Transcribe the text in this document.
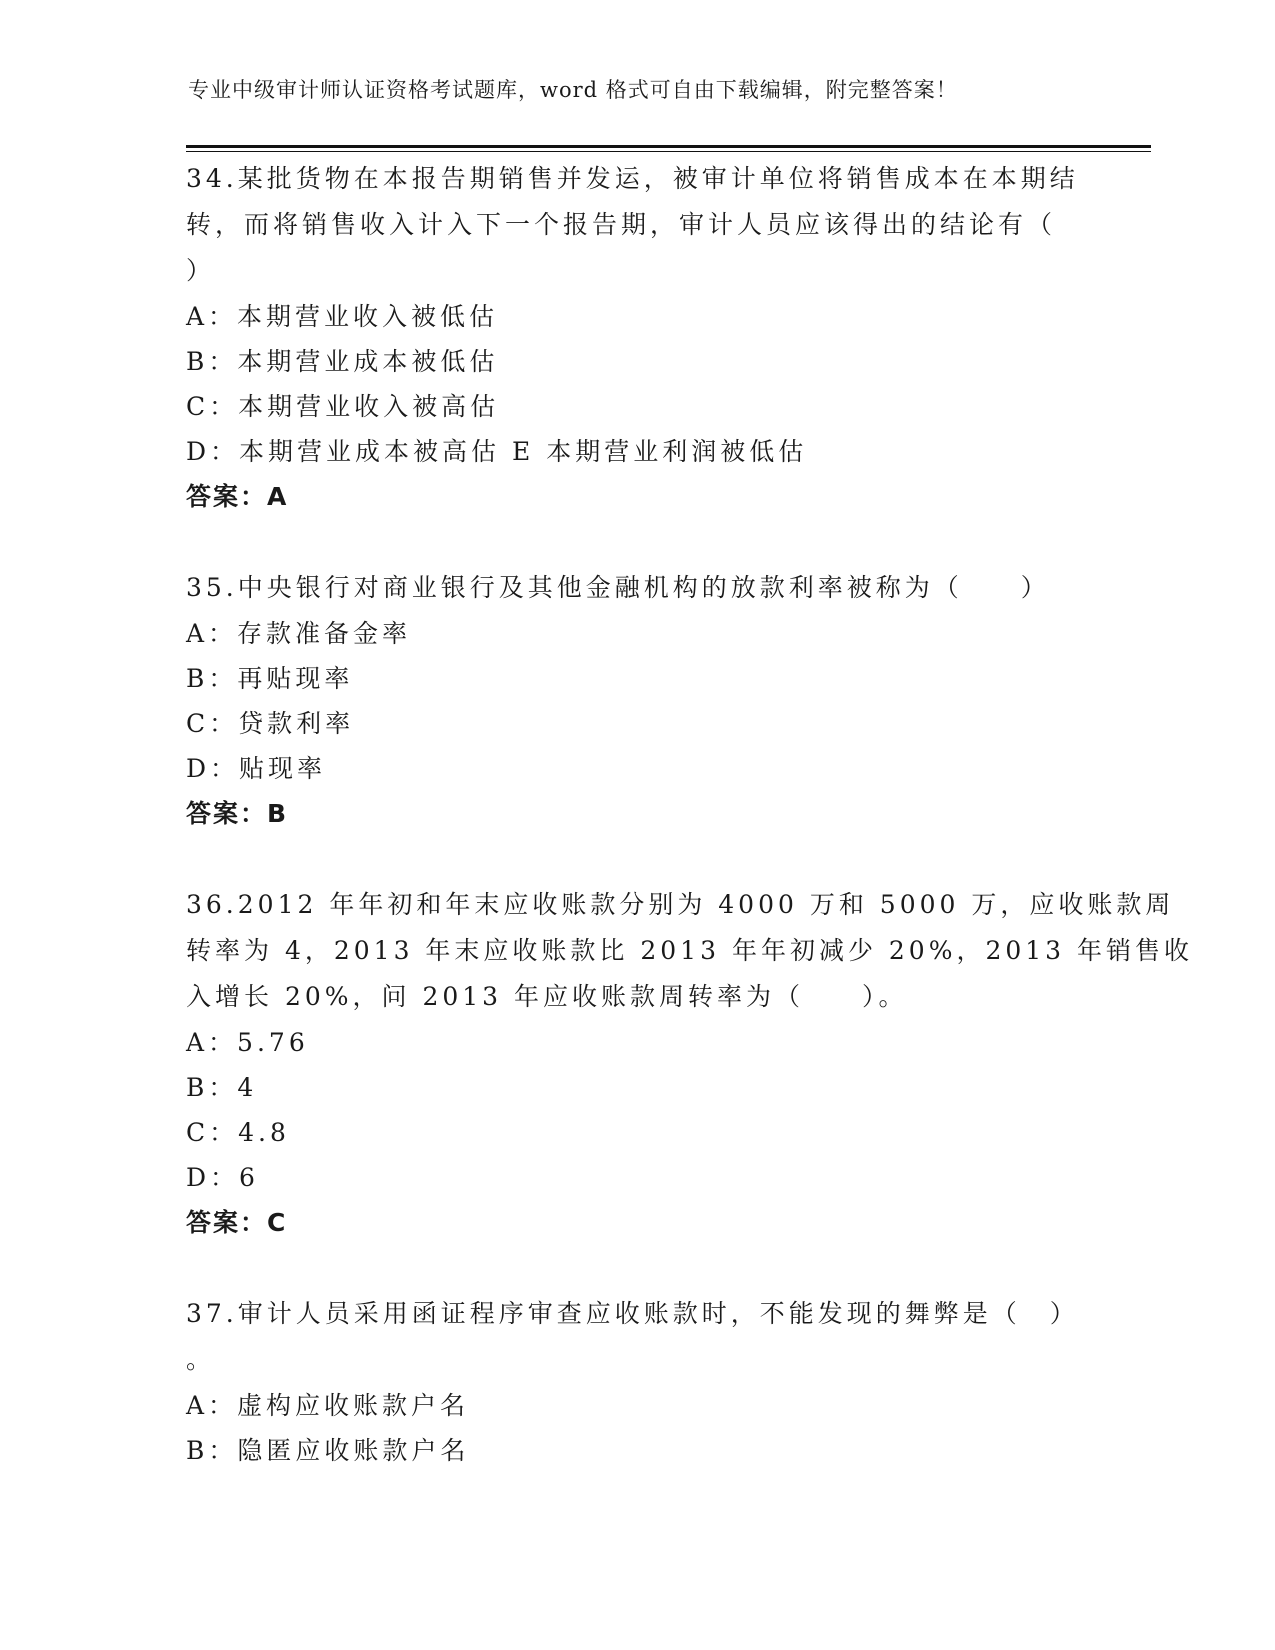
专业中级审计师认证资格考试题库，word 格式可自由下载编辑，附完整答案！
34.某批货物在本报告期销售并发运，被审计单位将销售成本在本期结
转，而将销售收入计入下一个报告期，审计人员应该得出的结论有（
）
A：本期营业收入被低估
B：本期营业成本被低估
C：本期营业收入被高估
D：本期营业成本被高估 E 本期营业利润被低估
答案：A
35.中央银行对商业银行及其他金融机构的放款利率被称为（　　）
A：存款准备金率
B：再贴现率
C：贷款利率
D：贴现率
答案：B
36.2012 年年初和年末应收账款分别为 4000 万和 5000 万，应收账款周
转率为 4，2013 年末应收账款比 2013 年年初减少 20%，2013 年销售收
入增长 20%，问 2013 年应收账款周转率为（　　）。
A：5.76
B：4
C：4.8
D：6
答案：C
37.审计人员采用函证程序审查应收账款时，不能发现的舞弊是（　）
。
A：虚构应收账款户名
B：隐匿应收账款户名
